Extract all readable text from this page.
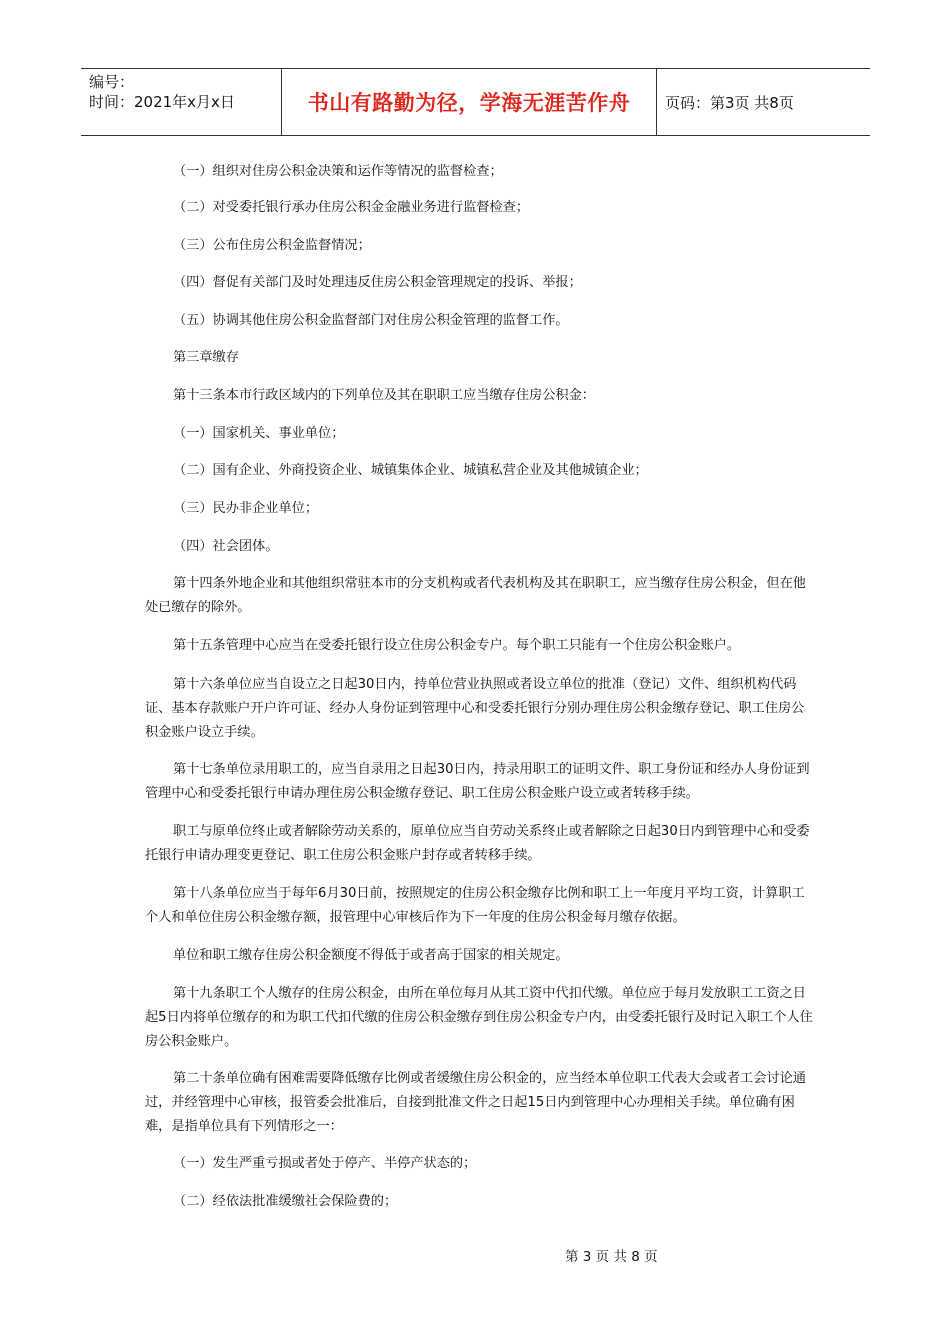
编号：
时间：2021年x月x日	书山有路勤为径，学海无涯苦作舟 页码：第3页 共8页
（一）组织对住房公积金决策和运作等情况的监督检查；
（二）对受委托银行承办住房公积金金融业务进行监督检查；
（三）公布住房公积金监督情况；
（四）督促有关部门及时处理违反住房公积金管理规定的投诉、举报；
（五）协调其他住房公积金监督部门对住房公积金管理的监督工作。
第三章缴存
第十三条本市行政区域内的下列单位及其在职职工应当缴存住房公积金：
（一）国家机关、事业单位；
（二）国有企业、外商投资企业、城镇集体企业、城镇私营企业及其他城镇企业；
（三）民办非企业单位；
（四）社会团体。
第十四条外地企业和其他组织常驻本市的分支机构或者代表机构及其在职职工，应当缴存住房公积金，但在他处已缴存的除外。
第十五条管理中心应当在受委托银行设立住房公积金专户。每个职工只能有一个住房公积金账户。
第十六条单位应当自设立之日起30日内，持单位营业执照或者设立单位的批准（登记）文件、组织机构代码证、基本存款账户开户许可证、经办人身份证到管理中心和受委托银行分别办理住房公积金缴存登记、职工住房公积金账户设立手续。
第十七条单位录用职工的，应当自录用之日起30日内，持录用职工的证明文件、职工身份证和经办人身份证到管理中心和受委托银行申请办理住房公积金缴存登记、职工住房公积金账户设立或者转移手续。
职工与原单位终止或者解除劳动关系的，原单位应当自劳动关系终止或者解除之日起30日内到管理中心和受委托银行申请办理变更登记、职工住房公积金账户封存或者转移手续。
第十八条单位应当于每年6月30日前，按照规定的住房公积金缴存比例和职工上一年度月平均工资，计算职工个人和单位住房公积金缴存额，报管理中心审核后作为下一年度的住房公积金每月缴存依据。
单位和职工缴存住房公积金额度不得低于或者高于国家的相关规定。
第十九条职工个人缴存的住房公积金，由所在单位每月从其工资中代扣代缴。单位应于每月发放职工工资之日起5日内将单位缴存的和为职工代扣代缴的住房公积金缴存到住房公积金专户内，由受委托银行及时记入职工个人住房公积金账户。
第二十条单位确有困难需要降低缴存比例或者缓缴住房公积金的，应当经本单位职工代表大会或者工会讨论通过，并经管理中心审核，报管委会批准后，自接到批准文件之日起15日内到管理中心办理相关手续。单位确有困难，是指单位具有下列情形之一：
（一）发生严重亏损或者处于停产、半停产状态的；
（二）经依法批准缓缴社会保险费的；
第 3 页 共 8 页
